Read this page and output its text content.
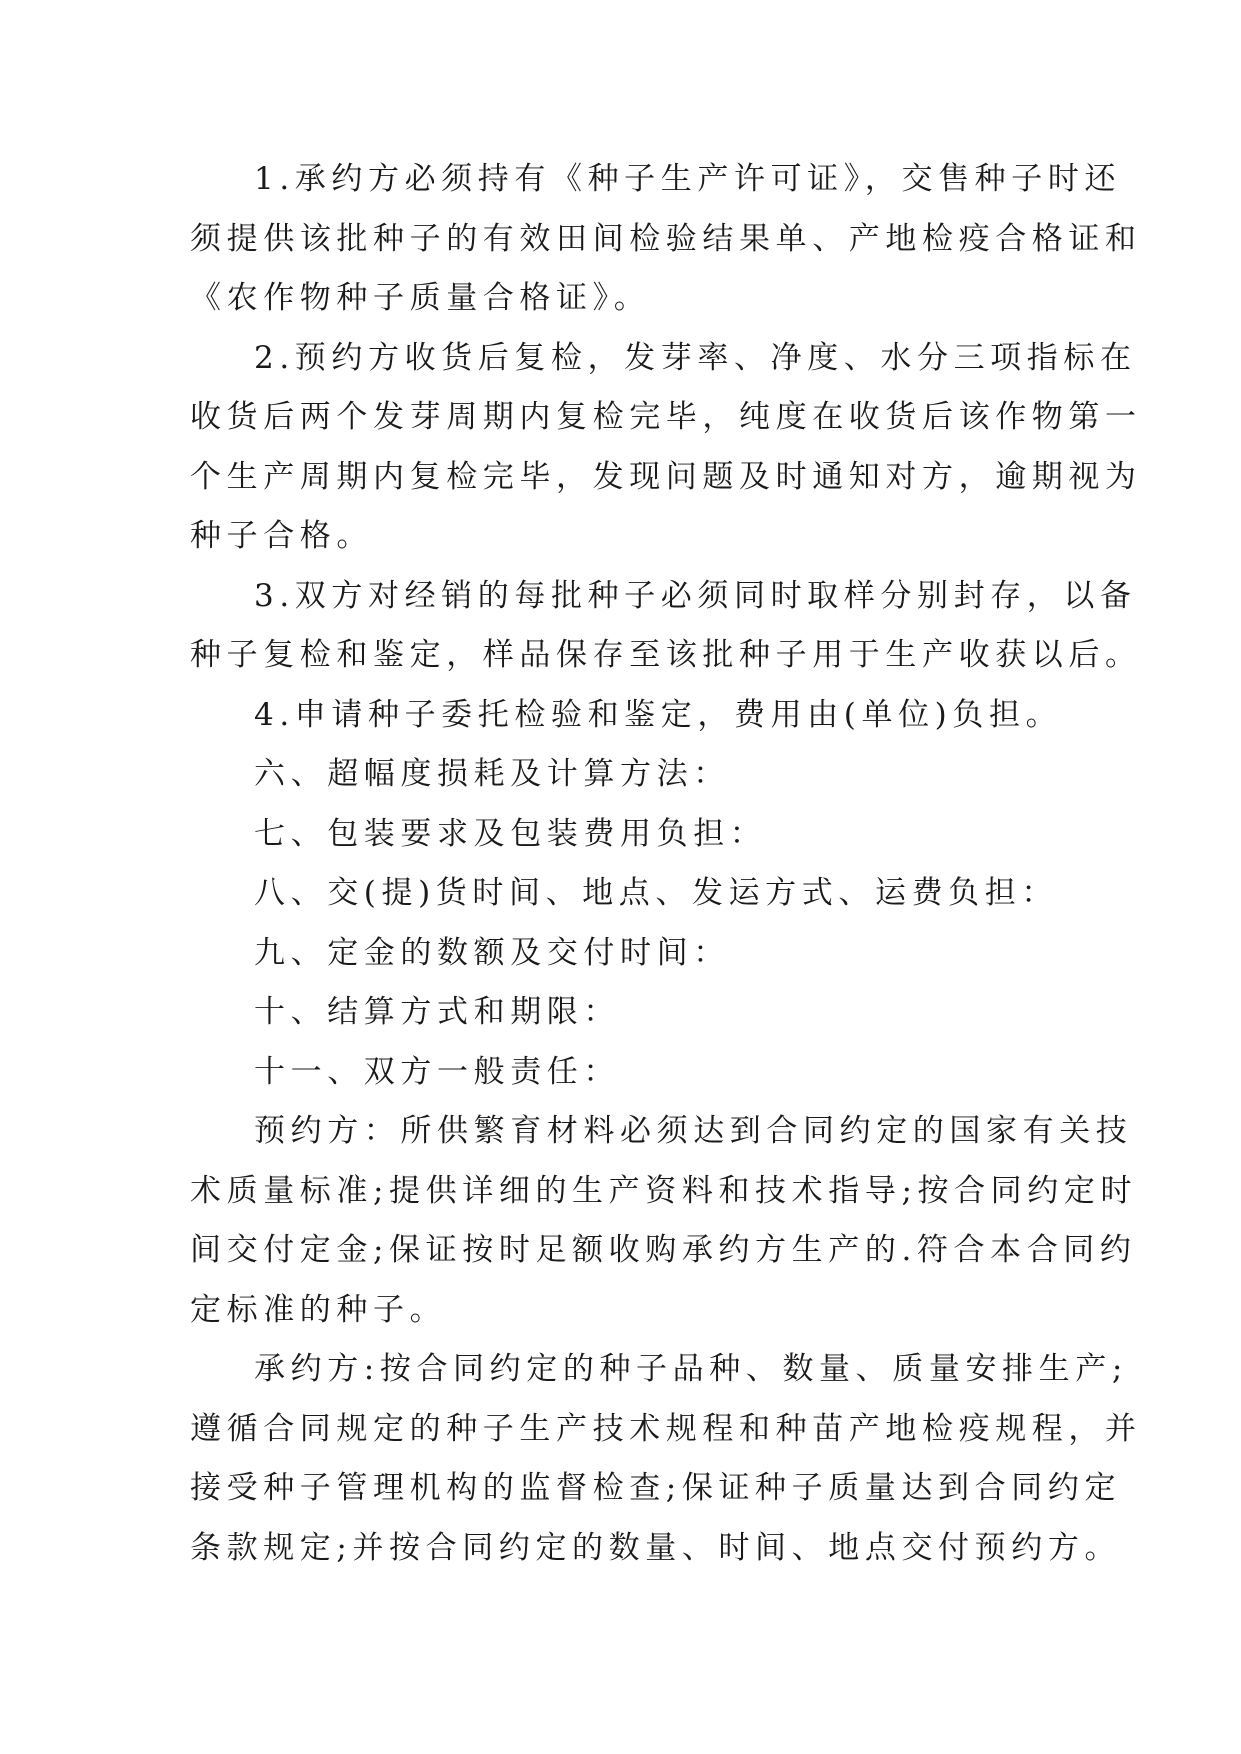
1.承约方必须持有《种子生产许可证》，交售种子时还
须提供该批种子的有效田间检验结果单、产地检疫合格证和
《农作物种子质量合格证》。
2.预约方收货后复检，发芽率、净度、水分三项指标在
收货后两个发芽周期内复检完毕，纯度在收货后该作物第一
个生产周期内复检完毕，发现问题及时通知对方，逾期视为
种子合格。
3.双方对经销的每批种子必须同时取样分别封存，以备
种子复检和鉴定，样品保存至该批种子用于生产收获以后。
4.申请种子委托检验和鉴定，费用由(单位)负担。
六、超幅度损耗及计算方法：
七、包装要求及包装费用负担：
八、交(提)货时间、地点、发运方式、运费负担：
九、定金的数额及交付时间：
十、结算方式和期限：
十一、双方一般责任：
预约方：所供繁育材料必须达到合同约定的国家有关技
术质量标准;提供详细的生产资料和技术指导;按合同约定时
间交付定金;保证按时足额收购承约方生产的.符合本合同约
定标准的种子。
承约方:按合同约定的种子品种、数量、质量安排生产;
遵循合同规定的种子生产技术规程和种苗产地检疫规程，并
接受种子管理机构的监督检查;保证种子质量达到合同约定
条款规定;并按合同约定的数量、时间、地点交付预约方。
